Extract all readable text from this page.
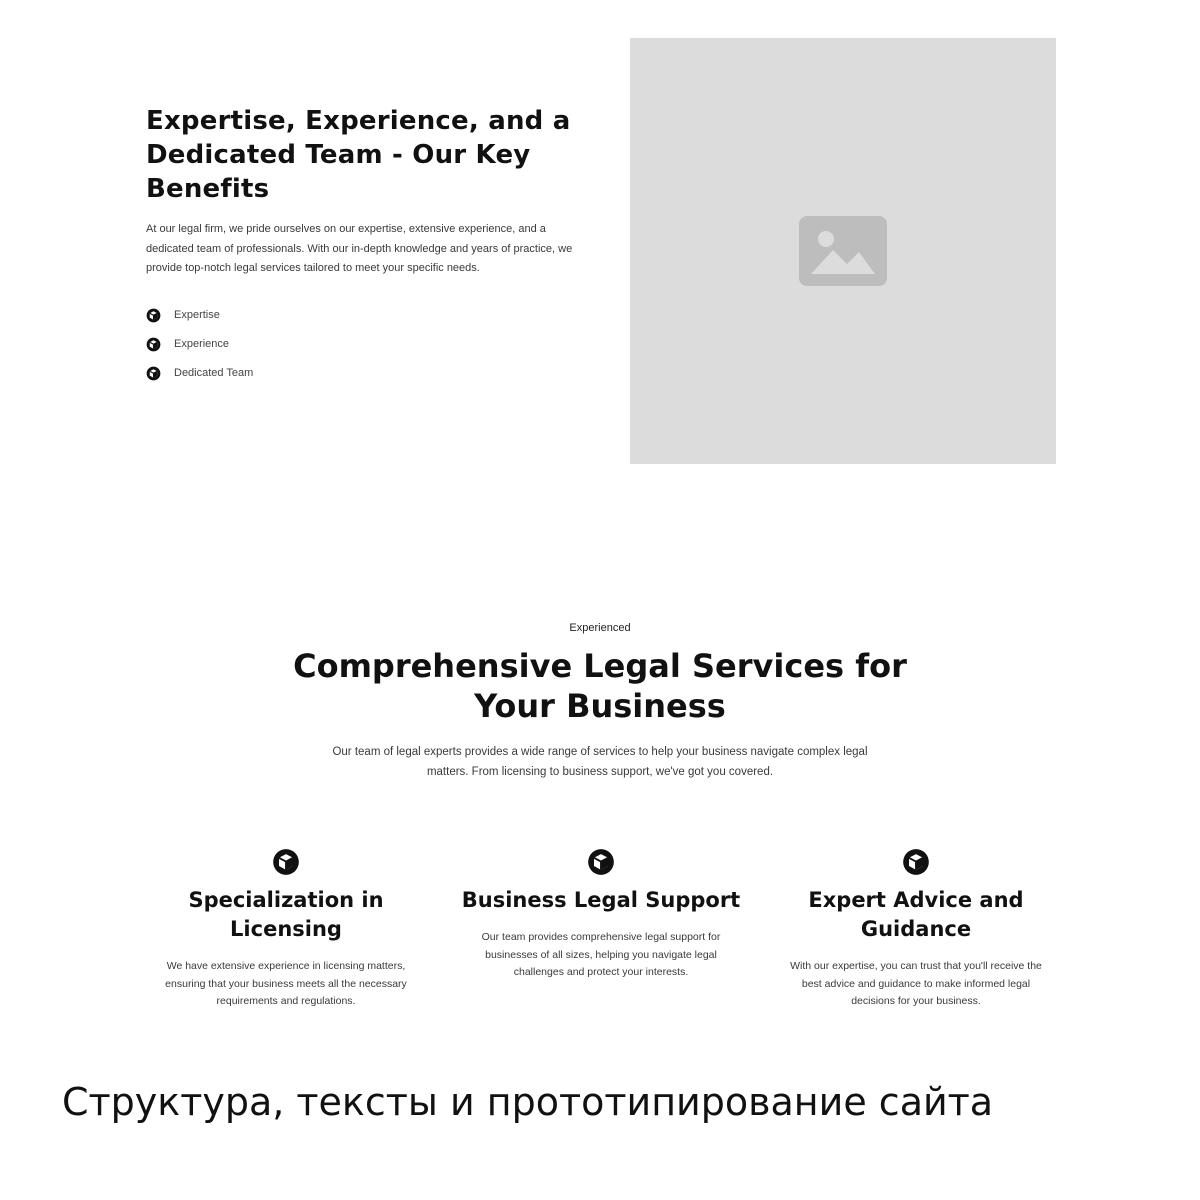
Expertise, Experience, and a Dedicated Team - Our Key Benefits

At our legal firm, we pride ourselves on our expertise, extensive experience, and a dedicated team of professionals. With our in-depth knowledge and years of practice, we provide top-notch legal services tailored to meet your specific needs.

Expertise
Experience
Dedicated Team

Experienced

Comprehensive Legal Services for Your Business

Our team of legal experts provides a wide range of services to help your business navigate complex legal matters. From licensing to business support, we've got you covered.

Specialization in Licensing

We have extensive experience in licensing matters, ensuring that your business meets all the necessary requirements and regulations.

Business Legal Support

Our team provides comprehensive legal support for businesses of all sizes, helping you navigate legal challenges and protect your interests.

Expert Advice and Guidance

With our expertise, you can trust that you'll receive the best advice and guidance to make informed legal decisions for your business.

Структура, тексты и прототипирование сайта
